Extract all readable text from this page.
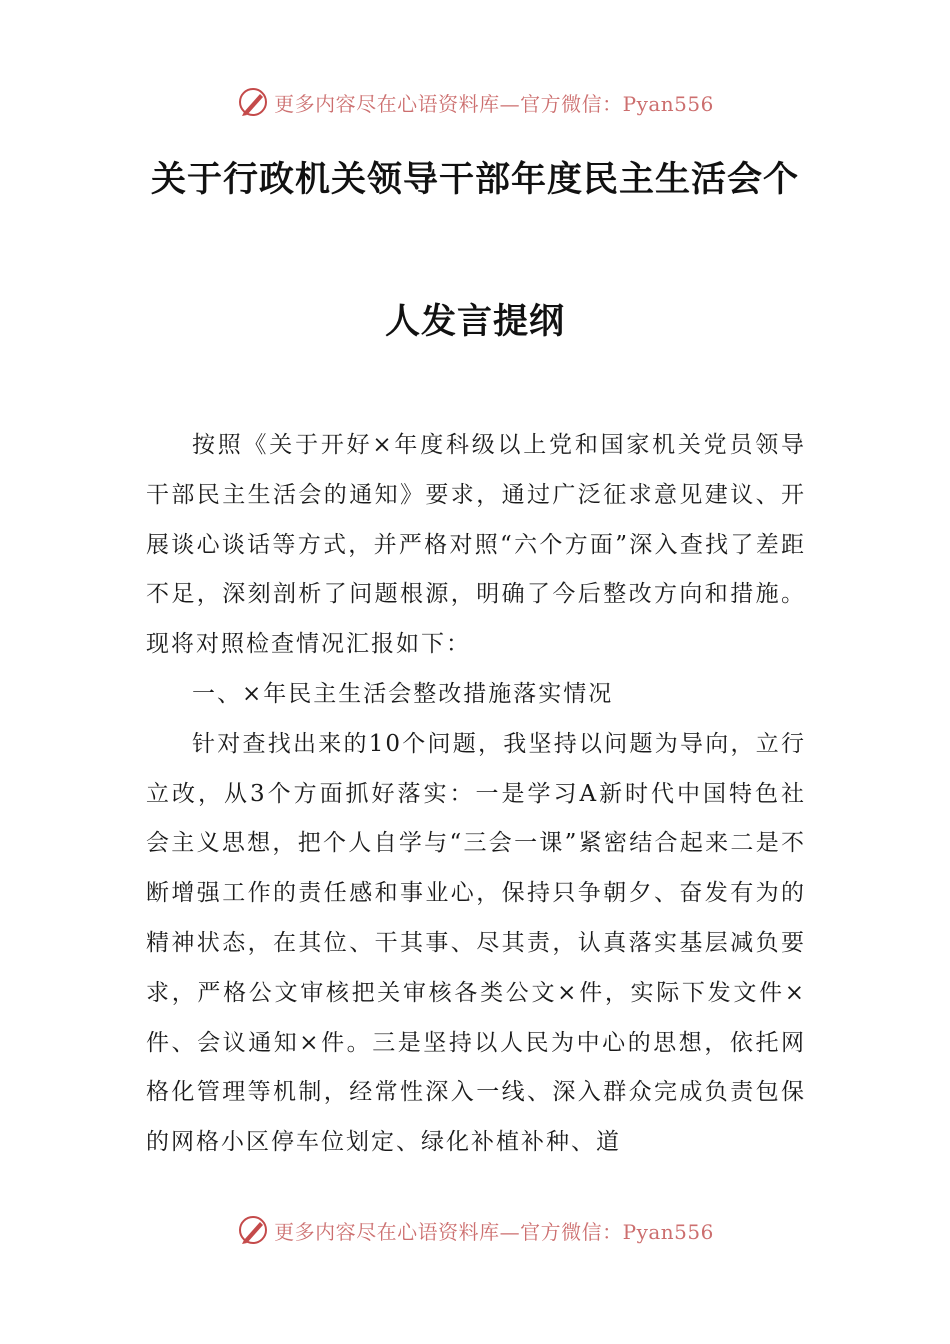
更多内容尽在心语资料库—官方微信：Pyan556
关于行政机关领导干部年度民主生活会个
人发言提纲

按照《关于开好×年度科级以上党和国家机关党员领导干部民主生活会的通知》要求，通过广泛征求意见建议、开展谈心谈话等方式，并严格对照“六个方面”深入查找了差距不足，深刻剖析了问题根源，明确了今后整改方向和措施。现将对照检查情况汇报如下：

一、×年民主生活会整改措施落实情况

针对查找出来的10个问题，我坚持以问题为导向，立行立改，从3个方面抓好落实：一是学习A新时代中国特色社会主义思想，把个人自学与“三会一课”紧密结合起来二是不断增强工作的责任感和事业心，保持只争朝夕、奋发有为的精神状态，在其位、干其事、尽其责，认真落实基层减负要求，严格公文审核把关审核各类公文×件，实际下发文件×件、会议通知×件。三是坚持以人民为中心的思想，依托网格化管理等机制，经常性深入一线、深入群众完成负责包保的网格小区停车位划定、绿化补植补种、道

更多内容尽在心语资料库—官方微信：Pyan556
